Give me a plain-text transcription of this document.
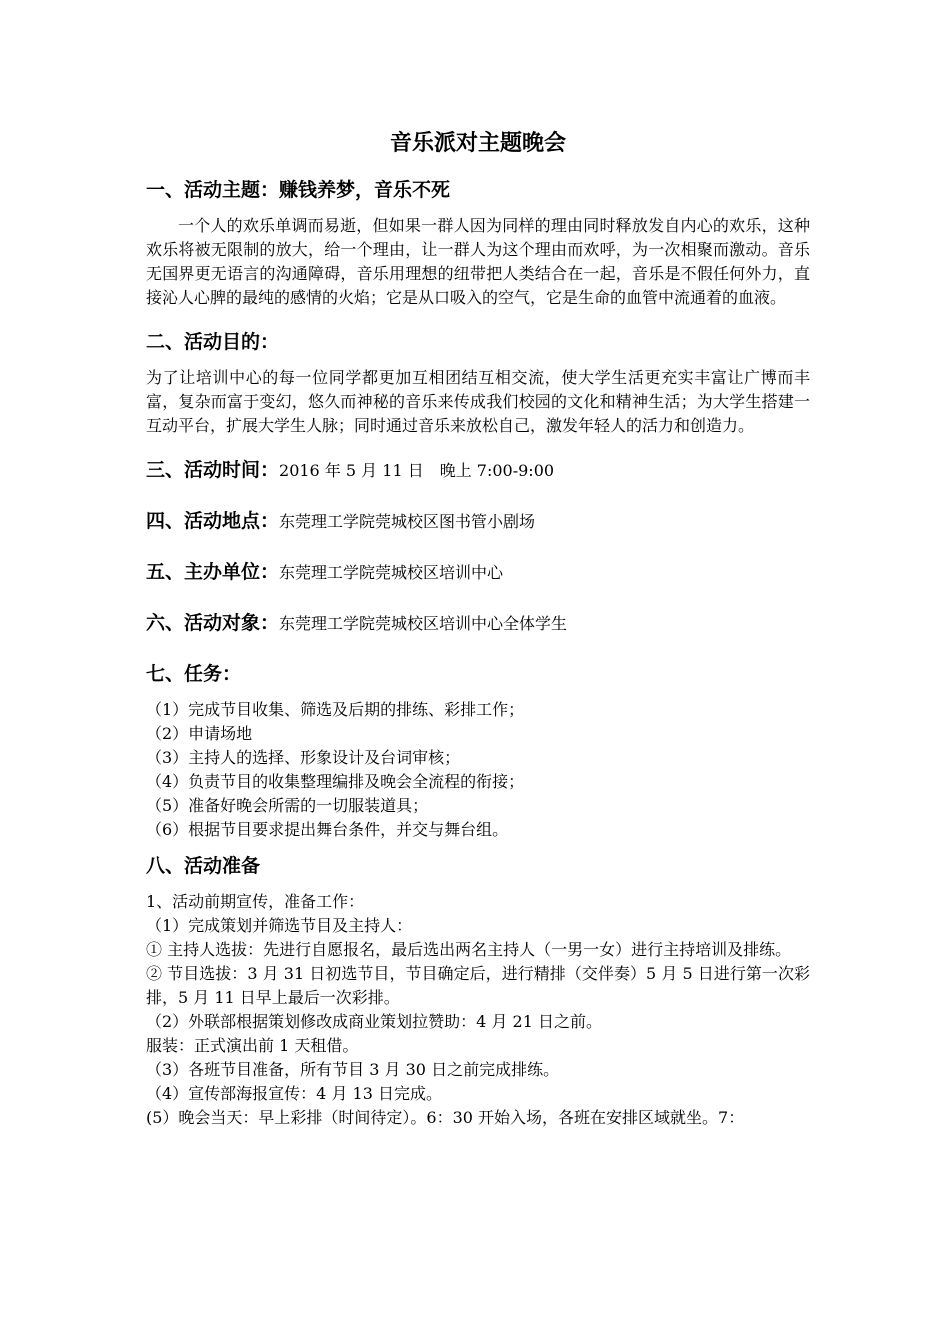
音乐派对主题晚会
一、活动主题：赚钱养梦，音乐不死

一个人的欢乐单调而易逝，但如果一群人因为同样的理由同时释放发自内心的欢乐，这种欢乐将被无限制的放大，给一个理由，让一群人为这个理由而欢呼，为一次相聚而激动。音乐无国界更无语言的沟通障碍，音乐用理想的纽带把人类结合在一起，音乐是不假任何外力，直接沁人心脾的最纯的感情的火焰；它是从口吸入的空气，它是生命的血管中流通着的血液。

二、活动目的：

为了让培训中心的每一位同学都更加互相团结互相交流，使大学生活更充实丰富让广博而丰富，复杂而富于变幻，悠久而神秘的音乐来传成我们校园的文化和精神生活；为大学生搭建一互动平台，扩展大学生人脉；同时通过音乐来放松自己，激发年轻人的活力和创造力。

三、活动时间：2016 年 5 月 11 日　晚上 7:00-9:00
四、活动地点：东莞理工学院莞城校区图书管小剧场
五、主办单位：东莞理工学院莞城校区培训中心
六、活动对象：东莞理工学院莞城校区培训中心全体学生
七、任务：

（1）完成节目收集、筛选及后期的排练、彩排工作；

（2）申请场地

（3）主持人的选择、形象设计及台词审核；

（4）负责节目的收集整理编排及晚会全流程的衔接；

（5）准备好晚会所需的一切服装道具；

（6）根据节目要求提出舞台条件，并交与舞台组。

八、活动准备

1、活动前期宣传，准备工作：

（1）完成策划并筛选节目及主持人：

① 主持人选拔：先进行自愿报名，最后选出两名主持人（一男一女）进行主持培训及排练。

② 节目选拔：3 月 31 日初选节目，节目确定后，进行精排（交伴奏）5 月 5 日进行第一次彩排，5 月 11 日早上最后一次彩排。

（2）外联部根据策划修改成商业策划拉赞助：4 月 21 日之前。

服装：正式演出前 1 天租借。

（3）各班节目准备，所有节目 3 月 30 日之前完成排练。

（4）宣传部海报宣传：4 月 13 日完成。

(5）晚会当天：早上彩排（时间待定）。6：30 开始入场，各班在安排区域就坐。7：
